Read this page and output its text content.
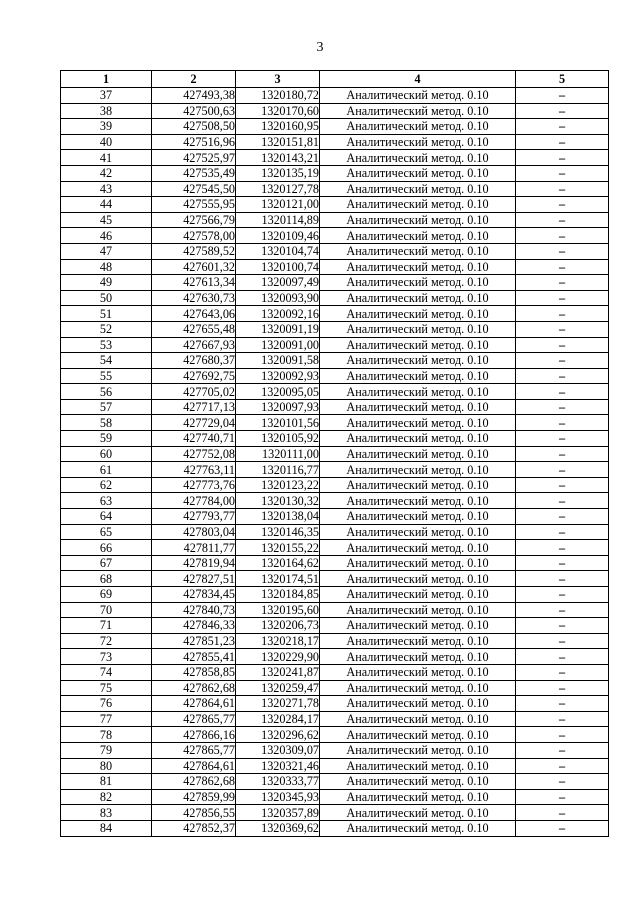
3
1	2	3	4	5
37	427493,38	1320180,72	Аналитический метод. 0.10	–
38	427500,63	1320170,60	Аналитический метод. 0.10	–
39	427508,50	1320160,95	Аналитический метод. 0.10	–
40	427516,96	1320151,81	Аналитический метод. 0.10	–
41	427525,97	1320143,21	Аналитический метод. 0.10	–
42	427535,49	1320135,19	Аналитический метод. 0.10	–
43	427545,50	1320127,78	Аналитический метод. 0.10	–
44	427555,95	1320121,00	Аналитический метод. 0.10	–
45	427566,79	1320114,89	Аналитический метод. 0.10	–
46	427578,00	1320109,46	Аналитический метод. 0.10	–
47	427589,52	1320104,74	Аналитический метод. 0.10	–
48	427601,32	1320100,74	Аналитический метод. 0.10	–
49	427613,34	1320097,49	Аналитический метод. 0.10	–
50	427630,73	1320093,90	Аналитический метод. 0.10	–
51	427643,06	1320092,16	Аналитический метод. 0.10	–
52	427655,48	1320091,19	Аналитический метод. 0.10	–
53	427667,93	1320091,00	Аналитический метод. 0.10	–
54	427680,37	1320091,58	Аналитический метод. 0.10	–
55	427692,75	1320092,93	Аналитический метод. 0.10	–
56	427705,02	1320095,05	Аналитический метод. 0.10	–
57	427717,13	1320097,93	Аналитический метод. 0.10	–
58	427729,04	1320101,56	Аналитический метод. 0.10	–
59	427740,71	1320105,92	Аналитический метод. 0.10	–
60	427752,08	1320111,00	Аналитический метод. 0.10	–
61	427763,11	1320116,77	Аналитический метод. 0.10	–
62	427773,76	1320123,22	Аналитический метод. 0.10	–
63	427784,00	1320130,32	Аналитический метод. 0.10	–
64	427793,77	1320138,04	Аналитический метод. 0.10	–
65	427803,04	1320146,35	Аналитический метод. 0.10	–
66	427811,77	1320155,22	Аналитический метод. 0.10	–
67	427819,94	1320164,62	Аналитический метод. 0.10	–
68	427827,51	1320174,51	Аналитический метод. 0.10	–
69	427834,45	1320184,85	Аналитический метод. 0.10	–
70	427840,73	1320195,60	Аналитический метод. 0.10	–
71	427846,33	1320206,73	Аналитический метод. 0.10	–
72	427851,23	1320218,17	Аналитический метод. 0.10	–
73	427855,41	1320229,90	Аналитический метод. 0.10	–
74	427858,85	1320241,87	Аналитический метод. 0.10	–
75	427862,68	1320259,47	Аналитический метод. 0.10	–
76	427864,61	1320271,78	Аналитический метод. 0.10	–
77	427865,77	1320284,17	Аналитический метод. 0.10	–
78	427866,16	1320296,62	Аналитический метод. 0.10	–
79	427865,77	1320309,07	Аналитический метод. 0.10	–
80	427864,61	1320321,46	Аналитический метод. 0.10	–
81	427862,68	1320333,77	Аналитический метод. 0.10	–
82	427859,99	1320345,93	Аналитический метод. 0.10	–
83	427856,55	1320357,89	Аналитический метод. 0.10	–
84	427852,37	1320369,62	Аналитический метод. 0.10	–
